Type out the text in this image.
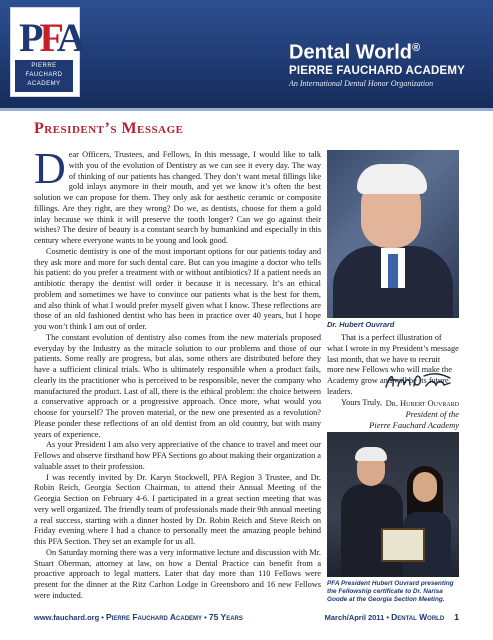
PFA
PIERRE
FAUCHARD
ACADEMY
Dental World®
PIERRE FAUCHARD ACADEMY
An International Dental Honor Organization
President’s Message

Dear Officers, Trustees, and Fellows, In this message, I would like to talk with you of the evolution of Dentistry as we can see it every day. The way of thinking of our patients has changed. They don’t want metal fillings like gold inlays anymore in their mouth, and yet we know it’s often the best solution we can propose for them. They only ask for aesthetic ceramic or composite fillings. Are they right, are they wrong? Do we, as dentists, choose for them a gold inlay because we think it will preserve the tooth longer? Can we go against their wishes? The desire of beauty is a constant search by humankind and especially in this century where everyone wants to be young and look good.

Cosmetic dentistry is one of the most important options for our patients today and they ask more and more for such dental care. But can you imagine a doctor who tells his patient: do you prefer a treatment with or without antibiotics? If a patient needs an antibiotic therapy the dentist will order it because it is necessary. It’s an ethical problem and sometimes we have to convince our patients what is the best for them, and also think of what I would prefer myself given what I know. These reflections are those of an old fashioned dentist who has been in practice over 40 years, but I hope you won’t think I am out of order.

The constant evolution of dentistry also comes from the new materials proposed everyday by the Industry as the miracle solution to our problems and those of our patients. Some really are progress, but alas, some others are distributed before they have a sufficient clinical trials. Who is ultimately responsible when a product fails, clearly its the practitioner who is perceived to be responsible, never the company who manufactured the product. Last of all, there is the ethical problem: the choice between a conservative approach or a progressive approach. Once more, what would you choose for yourself? The proven material, or the new one presented as a revolution? Please ponder these reflections of an old dentist from an old country, but with many years of experience.

As your President I am also very appreciative of the chance to travel and meet our Fellows and observe firsthand how PFA Sections go about making their organization a valuable asset to their profession.

I was recently invited by Dr. Karyn Stockwell, PFA Region 3 Trustee, and Dr. Robin Reich, Georgia Section Chairman, to attend their Annual Meeting of the Georgia Section on February 4-6. I participated in a great section meeting that was very well organized. The friendly team of professionals made their 9th annual meeting a real success, starting with a dinner hosted by Dr. Robin Reich and Steve Reich on Friday evening where I had a chance to personally meet the amazing people behind this PFA Section. They set an example for us all.

On Saturday morning there was a very informative lecture and discussion with Mr. Stuart Oberman, attorney at law, on how a Dental Practice can benefit from a proactive approach to legal matters. Later that day more than 110 Fellows were present for the dinner at the Ritz Carlton Lodge in Greensboro and 16 new Fellows were inducted.

Dr. Hubert Ouvrard

That is a perfect illustration of what I wrote in my President’s message last month, that we have to recruit more new Fellows who will make the Academy grow and will be its future leaders.

Yours Truly, Dr. Hubert Ouvrard
President of the
Pierre Fauchard Academy
PFA President Hubert Ouvrard presenting the Fellowship certificate to Dr. Narisa Goode at the Georgia Section Meeting.
www.fauchard.org • Pierre Fauchard Academy • 75 Years	March/April 2011 • Dental World 1
